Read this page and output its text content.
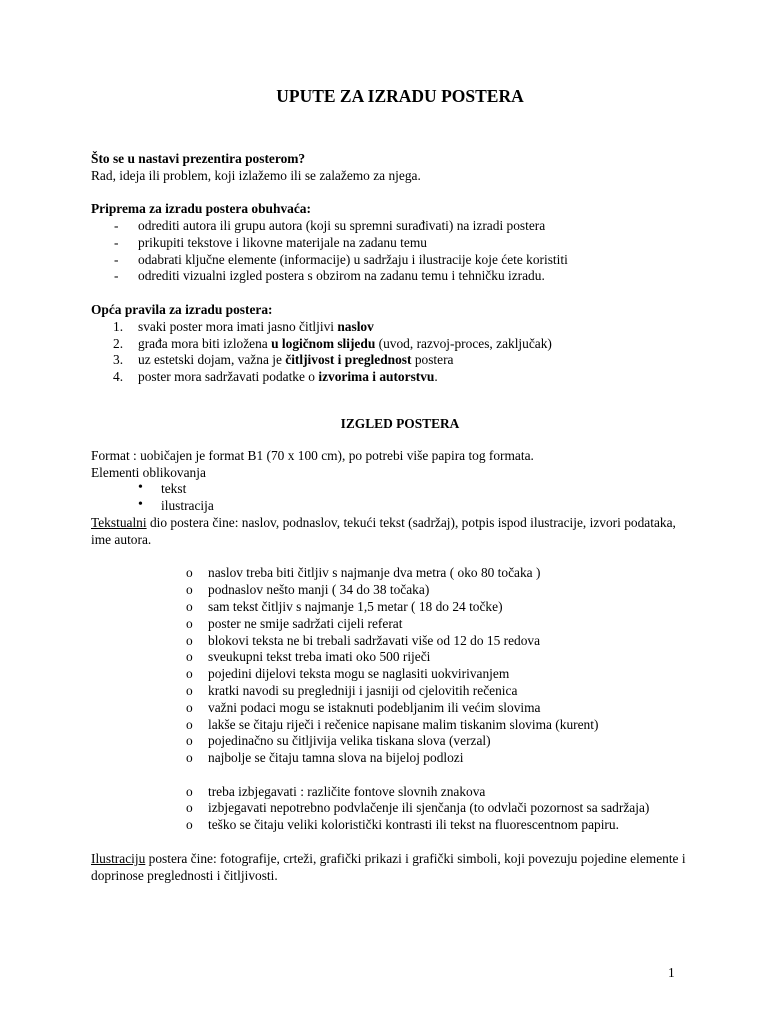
UPUTE ZA IZRADU POSTERA
Što se u nastavi prezentira posterom?
Rad, ideja ili problem, koji izlažemo ili se zalažemo za njega.
Priprema za izradu postera obuhvaća:
- odrediti autora ili grupu autora (koji su spremni surađivati) na izradi postera
- prikupiti tekstove i likovne materijale na zadanu temu
- odabrati ključne elemente (informacije) u sadržaju i ilustracije koje ćete koristiti
- odrediti vizualni izgled postera s obzirom na zadanu temu i tehničku izradu.
Opća pravila za izradu postera:
1. svaki poster mora imati jasno čitljivi naslov
2. građa mora biti izložena u logičnom slijedu (uvod, razvoj-proces, zaključak)
3. uz estetski dojam, važna je čitljivost i preglednost postera
4. poster mora sadržavati podatke o izvorima i autorstvu.
IZGLED POSTERA
Format : uobičajen je format B1 (70 x 100 cm), po potrebi više papira tog formata.
Elementi oblikovanja
• tekst
• ilustracija
Tekstualni dio postera čine: naslov, podnaslov, tekući tekst (sadržaj), potpis ispod ilustracije, izvori podataka, ime autora.
o naslov treba biti čitljiv s najmanje dva metra ( oko 80 točaka )
o podnaslov nešto manji ( 34 do 38 točaka)
o sam tekst čitljiv s najmanje 1,5 metar ( 18 do 24 točke)
o poster ne smije sadržati cijeli referat
o blokovi teksta ne bi trebali sadržavati više od 12 do 15 redova
o sveukupni tekst treba imati oko 500 riječi
o pojedini dijelovi teksta mogu se naglasiti uokvirivanjem
o kratki navodi su pregledniji i jasniji od cjelovitih rečenica
o važni podaci mogu se istaknuti podebljanim ili većim slovima
o lakše se čitaju riječi i rečenice napisane malim tiskanim slovima (kurent)
o pojedinačno su čitljivija velika tiskana slova (verzal)
o najbolje se čitaju tamna slova na bijeloj podlozi
o treba izbjegavati : različite fontove slovnih znakova
o izbjegavati nepotrebno podvlačenje ili sjenčanja (to odvlači pozornost sa sadržaja)
o teško se čitaju veliki koloristički kontrasti ili tekst na fluorescentnom papiru.
Ilustraciju postera čine: fotografije, crteži, grafički prikazi i grafički simboli, koji povezuju pojedine elemente i doprinose preglednosti i čitljivosti.
1
